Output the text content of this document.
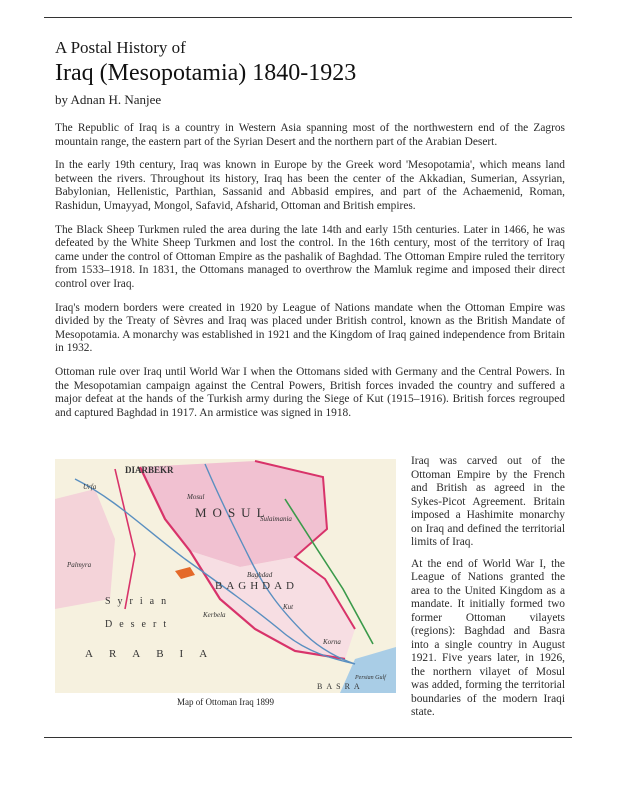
A Postal History of
Iraq (Mesopotamia) 1840-1923
by Adnan H. Nanjee

The Republic of Iraq is a country in Western Asia spanning most of the northwestern end of the Zagros mountain range, the eastern part of the Syrian Desert and the northern part of the Arabian Desert.

In the early 19th century, Iraq was known in Europe by the Greek word 'Mesopotamia', which means land between the rivers. Throughout its history, Iraq has been the center of the Akkadian, Sumerian, Assyrian, Babylonian, Hellenistic, Parthian, Sassanid and Abbasid empires, and part of the Achaemenid, Roman, Rashidun, Umayyad, Mongol, Safavid, Afsharid, Ottoman and British empires.

The Black Sheep Turkmen ruled the area during the late 14th and early 15th centuries. Later in 1466, he was defeated by the White Sheep Turkmen and lost the control. In the 16th century, most of the territory of Iraq came under the control of Ottoman Empire as the pashalik of Baghdad. The Ottoman Empire ruled the territory from 1533–1918. In 1831, the Ottomans managed to overthrow the Mamluk regime and imposed their direct control over Iraq.

Iraq's modern borders were created in 1920 by League of Nations mandate when the Ottoman Empire was divided by the Treaty of Sèvres and Iraq was placed under British control, known as the British Mandate of Mesopotamia. A monarchy was established in 1921 and the Kingdom of Iraq gained independence from Britain in 1932.

Ottoman rule over Iraq until World War I when the Ottomans sided with Germany and the Central Powers. In the Mesopotamian campaign against the Central Powers, British forces invaded the country and suffered a major defeat at the hands of the Turkish army during the Siege of Kut (1915–1916). British forces regrouped and captured Baghdad in 1917. An armistice was signed in 1918.

DIARBEKR
Urfa
MOSUL
Mosul
Sulaimania
Palmyra
BAGHDAD
Baghdad
Kerbela
Kut
Syrian
Desert
ARABIA
Korna
BASRA
Persian Gulf
Map of Ottoman Iraq 1899

Iraq was carved out of the Ottoman Empire by the French and British as agreed in the Sykes-Picot Agreement. Britain imposed a Hashimite monarchy on Iraq and defined the territorial limits of Iraq.

At the end of World War I, the League of Nations granted the area to the United Kingdom as a mandate. It initially formed two former Ottoman vilayets (regions): Baghdad and Basra into a single country in August 1921. Five years later, in 1926, the northern vilayet of Mosul was added, forming the territorial boundaries of the modern Iraqi state.
